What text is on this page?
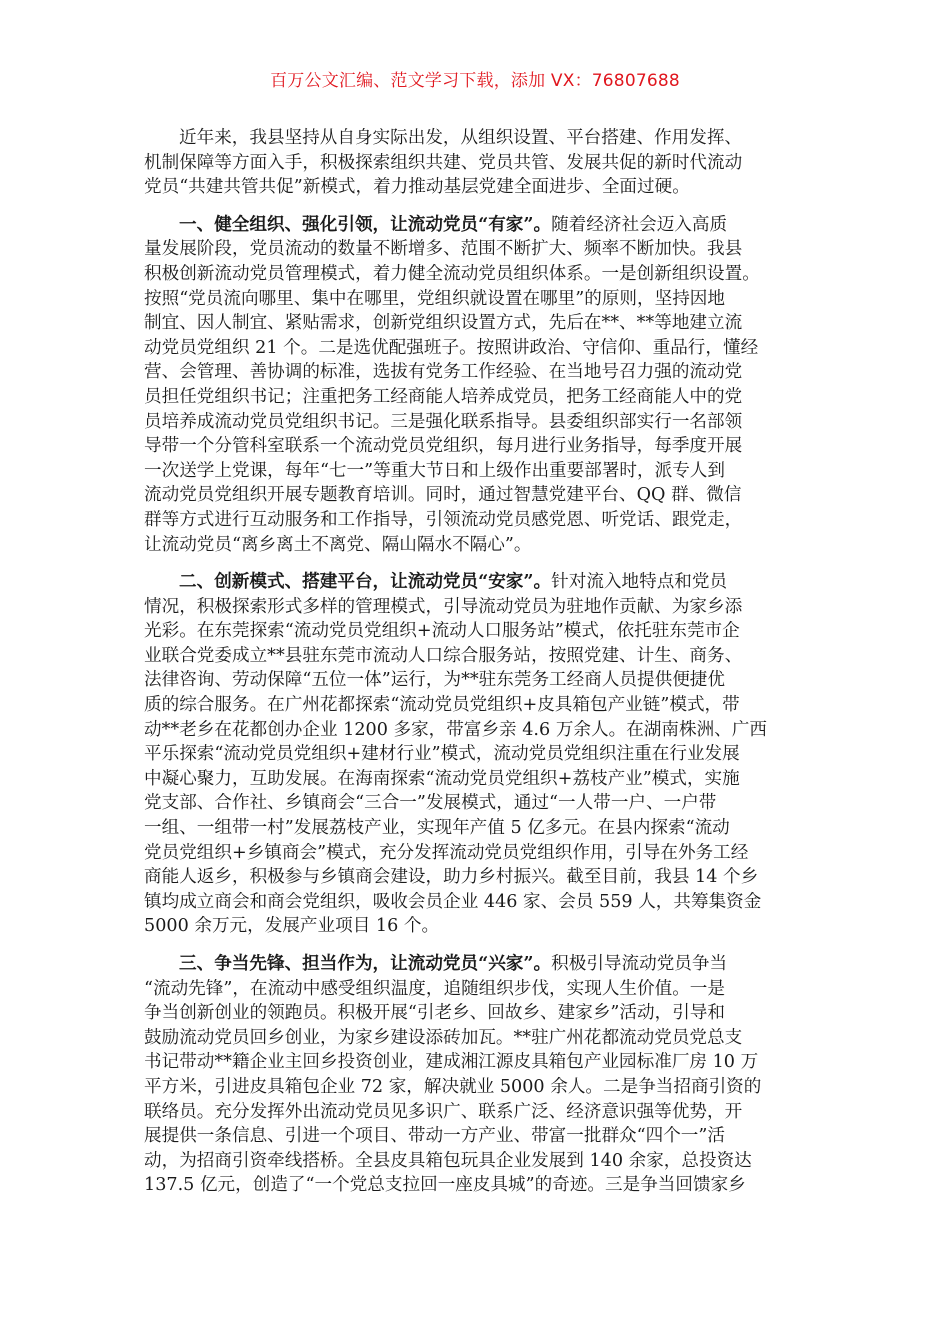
百万公文汇编、范文学习下载，添加 VX：76807688
近年来，我县坚持从自身实际出发，从组织设置、平台搭建、作用发挥、
机制保障等方面入手，积极探索组织共建、党员共管、发展共促的新时代流动
党员“共建共管共促”新模式，着力推动基层党建全面进步、全面过硬。
一、健全组织、强化引领，让流动党员“有家”。随着经济社会迈入高质
量发展阶段，党员流动的数量不断增多、范围不断扩大、频率不断加快。我县
积极创新流动党员管理模式，着力健全流动党员组织体系。一是创新组织设置。
按照“党员流向哪里、集中在哪里，党组织就设置在哪里”的原则，坚持因地
制宜、因人制宜、紧贴需求，创新党组织设置方式，先后在**、**等地建立流
动党员党组织 21 个。二是选优配强班子。按照讲政治、守信仰、重品行，懂经
营、会管理、善协调的标准，选拔有党务工作经验、在当地号召力强的流动党
员担任党组织书记；注重把务工经商能人培养成党员，把务工经商能人中的党
员培养成流动党员党组织书记。三是强化联系指导。县委组织部实行一名部领
导带一个分管科室联系一个流动党员党组织，每月进行业务指导，每季度开展
一次送学上党课，每年“七一”等重大节日和上级作出重要部署时，派专人到
流动党员党组织开展专题教育培训。同时，通过智慧党建平台、QQ 群、微信
群等方式进行互动服务和工作指导，引领流动党员感党恩、听党话、跟党走，
让流动党员“离乡离土不离党、隔山隔水不隔心”。
二、创新模式、搭建平台，让流动党员“安家”。针对流入地特点和党员
情况，积极探索形式多样的管理模式，引导流动党员为驻地作贡献、为家乡添
光彩。在东莞探索“流动党员党组织+流动人口服务站”模式，依托驻东莞市企
业联合党委成立**县驻东莞市流动人口综合服务站，按照党建、计生、商务、
法律咨询、劳动保障“五位一体”运行，为**驻东莞务工经商人员提供便捷优
质的综合服务。在广州花都探索“流动党员党组织+皮具箱包产业链”模式，带
动**老乡在花都创办企业 1200 多家，带富乡亲 4.6 万余人。在湖南株洲、广西
平乐探索“流动党员党组织+建材行业”模式，流动党员党组织注重在行业发展
中凝心聚力，互助发展。在海南探索“流动党员党组织+荔枝产业”模式，实施
党支部、合作社、乡镇商会“三合一”发展模式，通过“一人带一户、一户带
一组、一组带一村”发展荔枝产业，实现年产值 5 亿多元。在县内探索“流动
党员党组织+乡镇商会”模式，充分发挥流动党员党组织作用，引导在外务工经
商能人返乡，积极参与乡镇商会建设，助力乡村振兴。截至目前，我县 14 个乡
镇均成立商会和商会党组织，吸收会员企业 446 家、会员 559 人，共筹集资金
5000 余万元，发展产业项目 16 个。
三、争当先锋、担当作为，让流动党员“兴家”。积极引导流动党员争当
“流动先锋”，在流动中感受组织温度，追随组织步伐，实现人生价值。一是
争当创新创业的领跑员。积极开展“引老乡、回故乡、建家乡”活动，引导和
鼓励流动党员回乡创业，为家乡建设添砖加瓦。**驻广州花都流动党员党总支
书记带动**籍企业主回乡投资创业，建成湘江源皮具箱包产业园标准厂房 10 万
平方米，引进皮具箱包企业 72 家，解决就业 5000 余人。二是争当招商引资的
联络员。充分发挥外出流动党员见多识广、联系广泛、经济意识强等优势，开
展提供一条信息、引进一个项目、带动一方产业、带富一批群众“四个一”活
动，为招商引资牵线搭桥。全县皮具箱包玩具企业发展到 140 余家，总投资达
137.5 亿元，创造了“一个党总支拉回一座皮具城”的奇迹。三是争当回馈家乡
